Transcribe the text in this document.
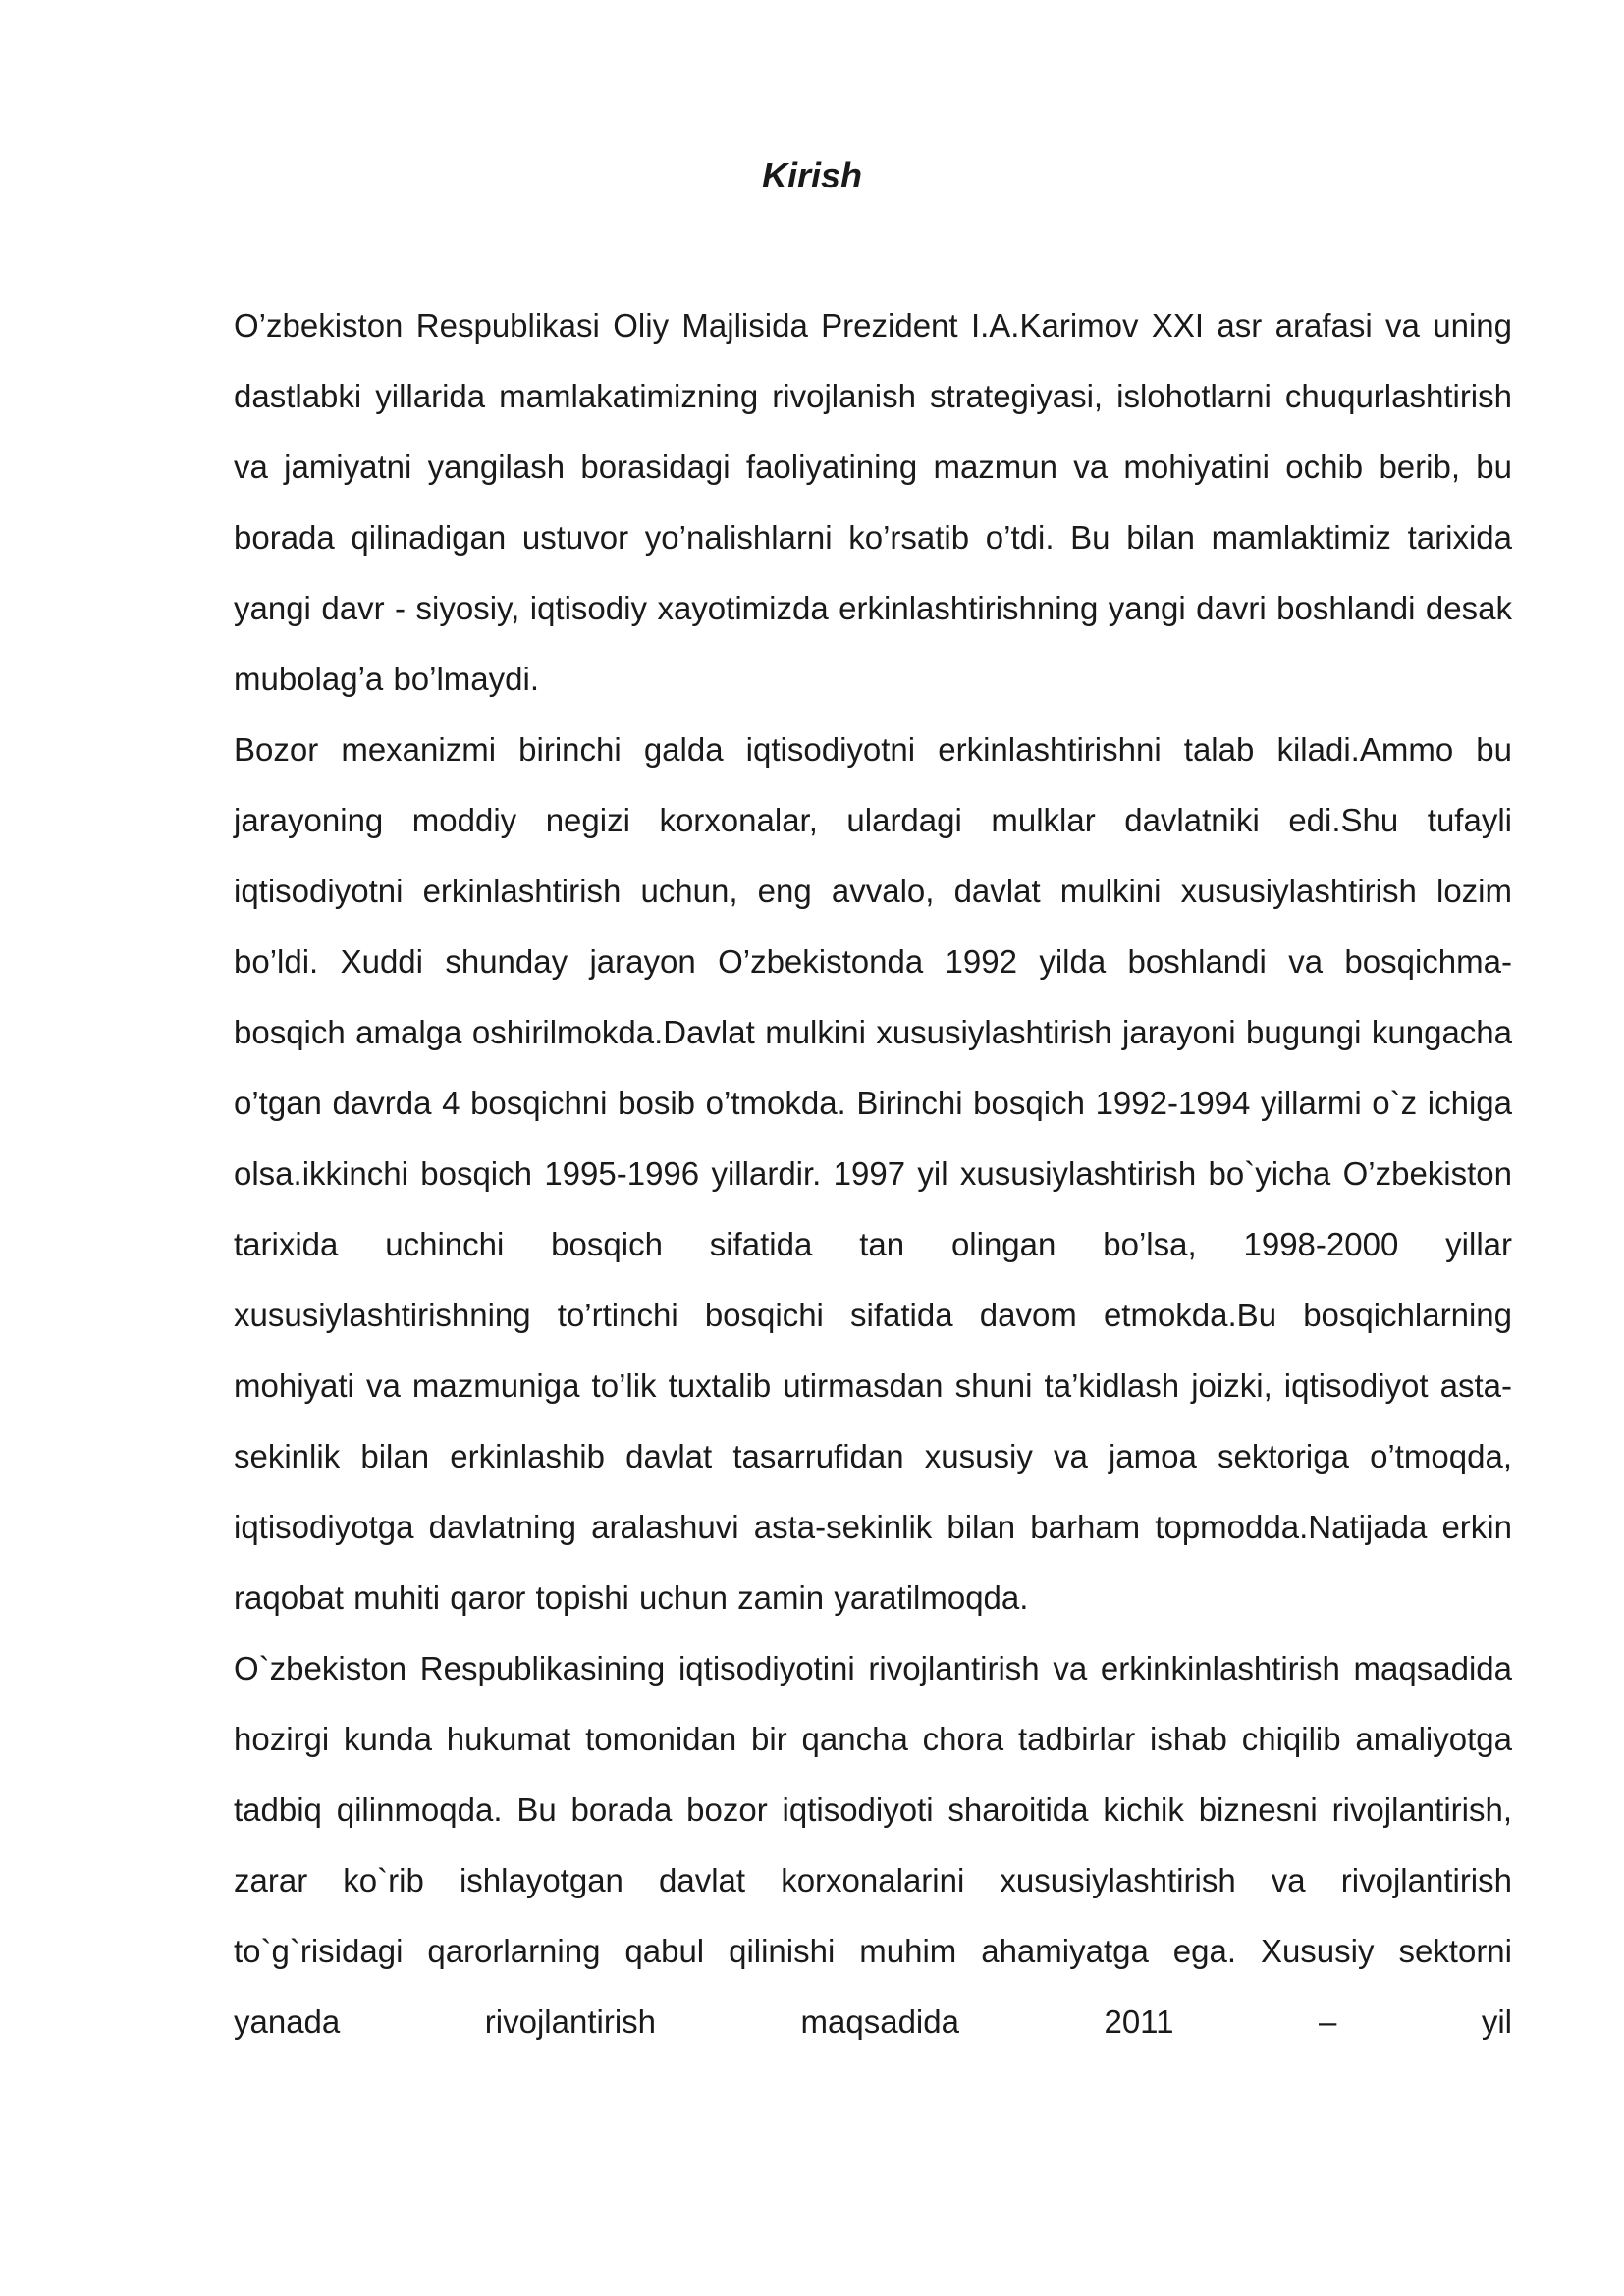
Kirish

O’zbekiston Respublikasi Oliy Majlisida Prezident I.A.Karimov XXI asr arafasi va uning dastlabki yillarida mamlakatimizning rivojlanish strategiyasi, islohotlarni chuqurlashtirish va jamiyatni yangilash borasidagi faoliyatining mazmun va mohiyatini ochib berib, bu borada qilinadigan ustuvor yo’nalishlarni ko’rsatib o’tdi. Bu bilan mamlaktimiz tarixida yangi davr - siyosiy, iqtisodiy xayotimizda erkinlashtirishning yangi davri boshlandi desak mubolag’a bo’lmaydi.

Bozor mexanizmi birinchi galda iqtisodiyotni erkinlashtirishni talab kiladi.Ammo bu jarayoning moddiy negizi korxonalar, ulardagi mulklar davlatniki edi.Shu tufayli iqtisodiyotni erkinlashtirish uchun, eng avvalo, davlat mulkini xususiylashtirish lozim bo’ldi. Xuddi shunday jarayon O’zbekistonda 1992 yilda boshlandi va bosqichma-bosqich amalga oshirilmokda.Davlat mulkini xususiylashtirish jarayoni bugungi kungacha o’tgan davrda 4 bosqichni bosib o’tmokda. Birinchi bosqich 1992-1994 yillarmi o`z ichiga olsa.ikkinchi bosqich 1995-1996 yillardir. 1997 yil xususiylashtirish bo`yicha O’zbekiston tarixida uchinchi bosqich sifatida tan olingan bo’lsa, 1998-2000 yillar xususiylashtirishning to’rtinchi bosqichi sifatida davom etmokda.Bu bosqichlarning mohiyati va mazmuniga to’lik tuxtalib utirmasdan shuni ta’kidlash joizki, iqtisodiyot asta-sekinlik bilan erkinlashib davlat tasarrufidan xususiy va jamoa sektoriga o’tmoqda, iqtisodiyotga davlatning aralashuvi asta-sekinlik bilan barham topmodda.Natijada erkin raqobat muhiti qaror topishi uchun zamin yaratilmoqda.

O`zbekiston Respublikasining iqtisodiyotini rivojlantirish va erkinkinlashtirish maqsadida hozirgi kunda hukumat tomonidan bir qancha chora tadbirlar ishab chiqilib amaliyotga tadbiq qilinmoqda. Bu borada bozor iqtisodiyoti sharoitida kichik biznesni rivojlantirish, zarar ko`rib ishlayotgan davlat korxonalarini xususiylashtirish va rivojlantirish to`g`risidagi qarorlarning qabul qilinishi muhim ahamiyatga ega. Xususiy sektorni yanada rivojlantirish maqsadida 2011 – yil
